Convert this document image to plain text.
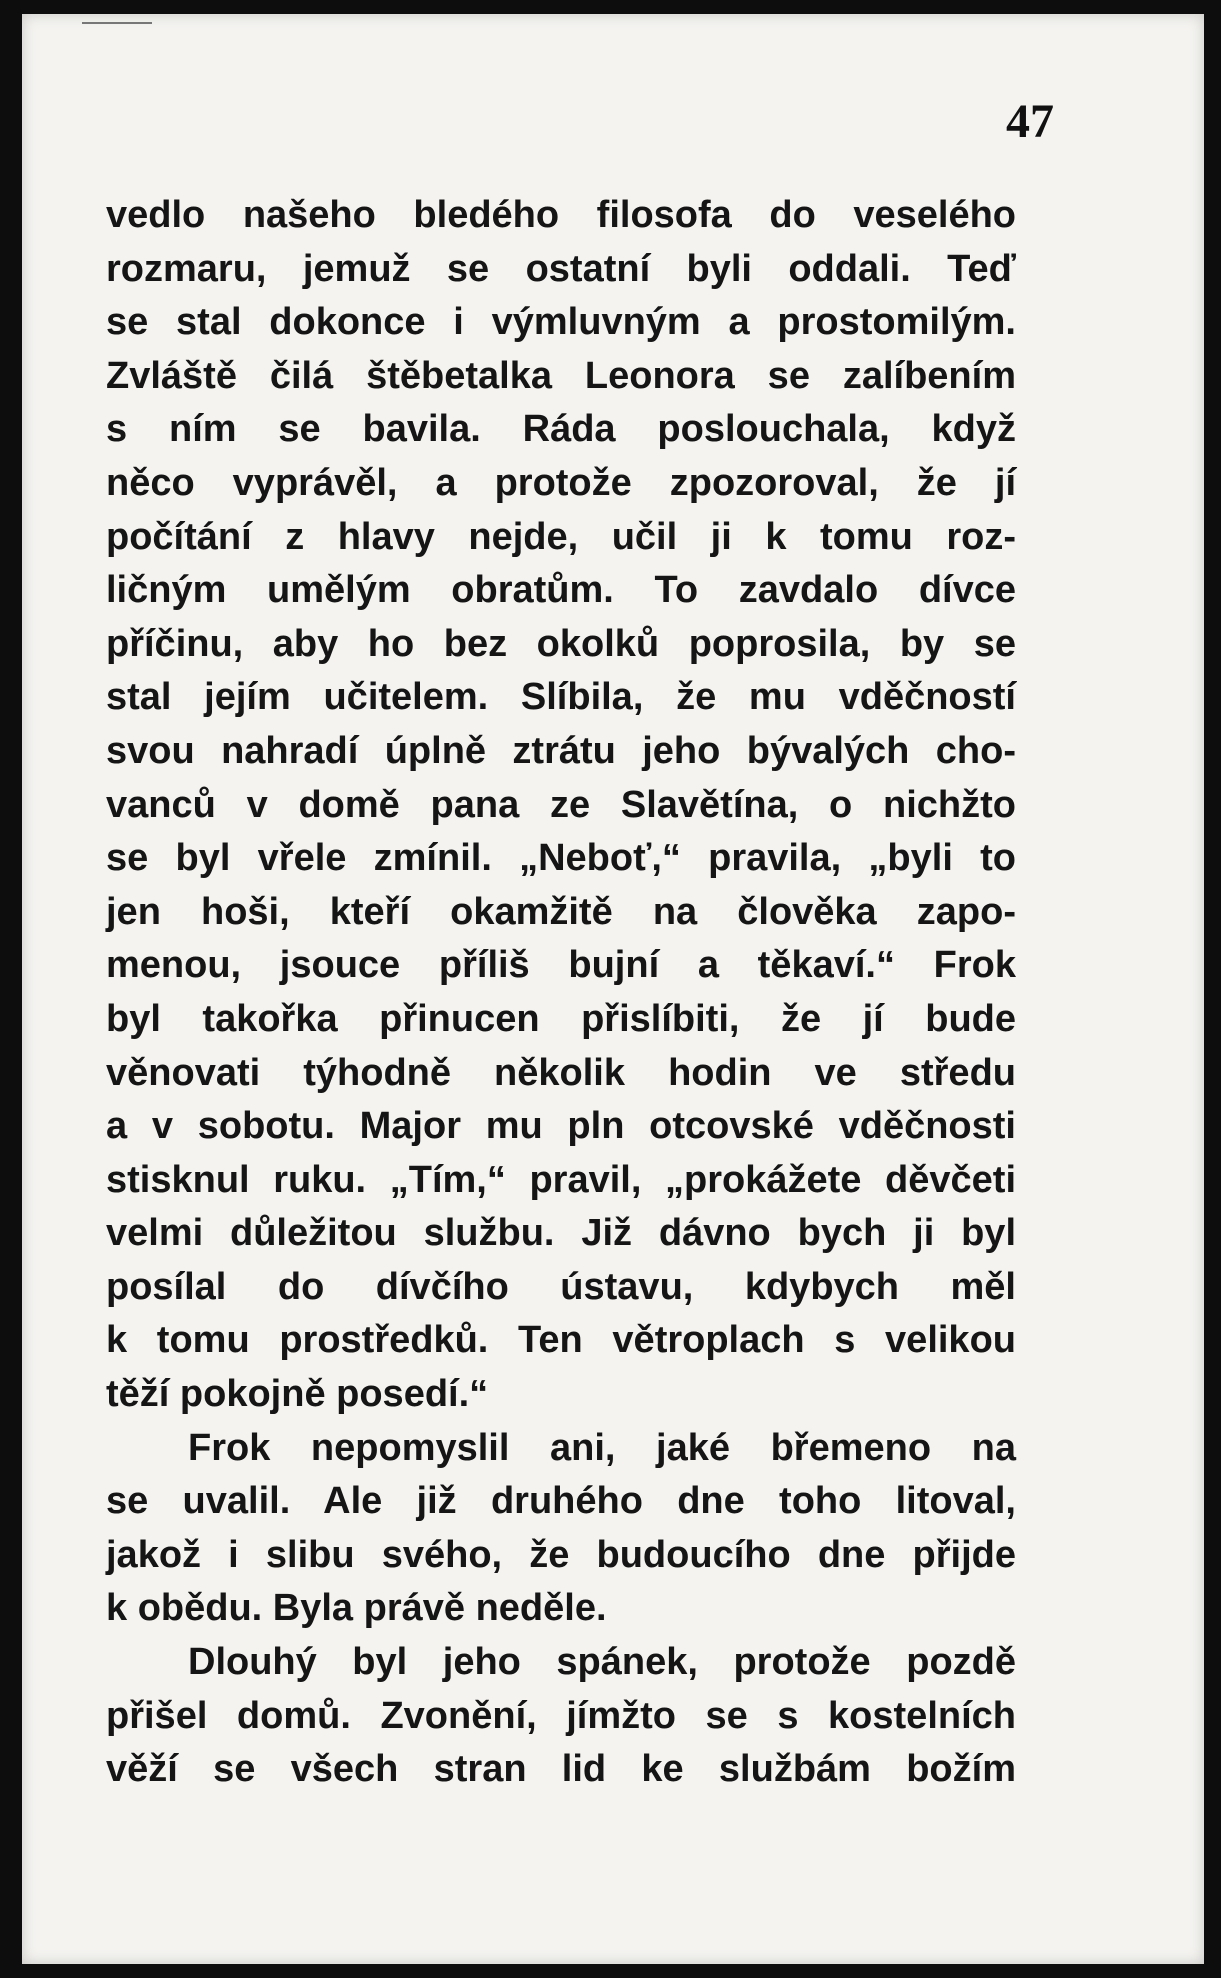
47

vedlo našeho bledého filosofa do veselého
rozmaru, jemuž se ostatní byli oddali. Teď
se stal dokonce i výmluvným a prostomilým.
Zvláště čilá štěbetalka Leonora se zalíbením
s ním se bavila. Ráda poslouchala, když
něco vyprávěl, a protože zpozoroval, že jí
počítání z hlavy nejde, učil ji k tomu roz-
ličným umělým obratům. To zavdalo dívce
příčinu, aby ho bez okolků poprosila, by se
stal jejím učitelem. Slíbila, že mu vděčností
svou nahradí úplně ztrátu jeho bývalých cho-
vanců v domě pana ze Slavětína, o nichžto
se byl vřele zmínil. „Neboť,“ pravila, „byli to
jen hoši, kteří okamžitě na člověka zapo-
menou, jsouce příliš bujní a těkaví.“ Frok
byl takořka přinucen přislíbiti, že jí bude
věnovati týhodně několik hodin ve středu
a v sobotu. Major mu pln otcovské vděčnosti
stisknul ruku. „Tím,“ pravil, „prokážete děvčeti
velmi důležitou službu. Již dávno bych ji byl
posílal do dívčího ústavu, kdybych měl
k tomu prostředků. Ten větroplach s velikou
těží pokojně posedí.“
Frok nepomyslil ani, jaké břemeno na
se uvalil. Ale již druhého dne toho litoval,
jakož i slibu svého, že budoucího dne přijde
k obědu. Byla právě neděle.
Dlouhý byl jeho spánek, protože pozdě
přišel domů. Zvonění, jímžto se s kostelních
věží se všech stran lid ke službám božím
